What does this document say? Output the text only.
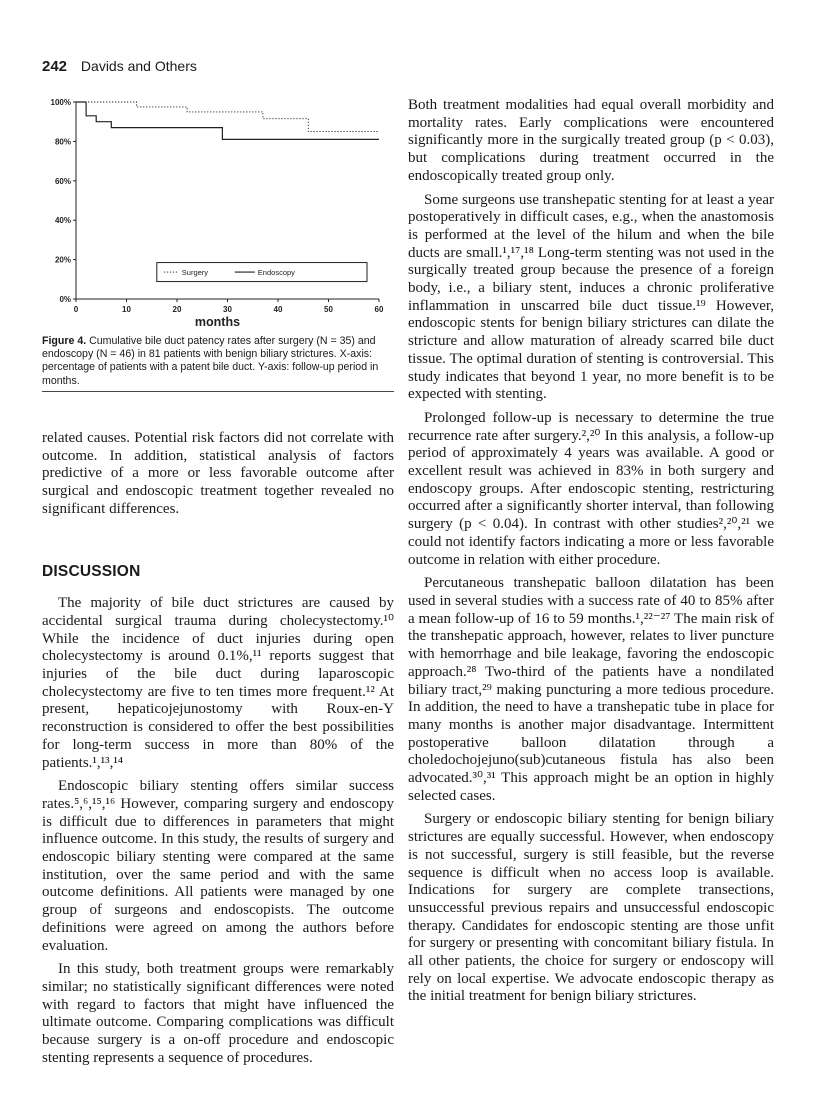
242 Davids and Others
0%
20%
40%
60%
80%
100%
0	10	20	30	40	50	60
months
Surgery	Endoscopy
Figure 4. Cumulative bile duct patency rates after surgery (N = 35) and endoscopy (N = 46) in 81 patients with benign biliary strictures. X-axis: percentage of patients with a patent bile duct. Y-axis: follow-up period in months.

related causes. Potential risk factors did not correlate with outcome. In addition, statistical analysis of factors predictive of a more or less favorable outcome after surgical and endoscopic treatment together revealed no significant differences.

DISCUSSION

The majority of bile duct strictures are caused by accidental surgical trauma during cholecystectomy.¹⁰ While the incidence of duct injuries during open cholecystectomy is around 0.1%,¹¹ reports suggest that injuries of the bile duct during laparoscopic cholecystectomy are five to ten times more frequent.¹² At present, hepaticojejunostomy with Roux-en-Y reconstruction is considered to offer the best possibilities for long-term success in more than 80% of the patients.¹,¹³,¹⁴

Endoscopic biliary stenting offers similar success rates.⁵,⁶,¹⁵,¹⁶ However, comparing surgery and endoscopy is difficult due to differences in parameters that might influence outcome. In this study, the results of surgery and endoscopic biliary stenting were compared at the same institution, over the same period and with the same outcome definitions. All patients were managed by one group of surgeons and endoscopists. The outcome definitions were agreed on among the authors before evaluation.

In this study, both treatment groups were remarkably similar; no statistically significant differences were noted with regard to factors that might have influenced the ultimate outcome. Comparing complications was difficult because surgery is a on-off procedure and endoscopic stenting represents a sequence of procedures.

Both treatment modalities had equal overall morbidity and mortality rates. Early complications were encountered significantly more in the surgically treated group (p < 0.03), but complications during treatment occurred in the endoscopically treated group only.

Some surgeons use transhepatic stenting for at least a year postoperatively in difficult cases, e.g., when the anastomosis is performed at the level of the hilum and when the bile ducts are small.¹,¹⁷,¹⁸ Long-term stenting was not used in the surgically treated group because the presence of a foreign body, i.e., a biliary stent, induces a chronic proliferative inflammation in unscarred bile duct tissue.¹⁹ However, endoscopic stents for benign biliary strictures can dilate the stricture and allow maturation of already scarred bile duct tissue. The optimal duration of stenting is controversial. This study indicates that beyond 1 year, no more benefit is to be expected with stenting.

Prolonged follow-up is necessary to determine the true recurrence rate after surgery.²,²⁰ In this analysis, a follow-up period of approximately 4 years was available. A good or excellent result was achieved in 83% in both surgery and endoscopy groups. After endoscopic stenting, restricturing occurred after a significantly shorter interval, than following surgery (p < 0.04). In contrast with other studies²,²⁰,²¹ we could not identify factors indicating a more or less favorable outcome in relation with either procedure.

Percutaneous transhepatic balloon dilatation has been used in several studies with a success rate of 40 to 85% after a mean follow-up of 16 to 59 months.¹,²²⁻²⁷ The main risk of the transhepatic approach, however, relates to liver puncture with hemorrhage and bile leakage, favoring the endoscopic approach.²⁸ Two-third of the patients have a nondilated biliary tract,²⁹ making puncturing a more tedious procedure. In addition, the need to have a transhepatic tube in place for many months is another major disadvantage. Intermittent postoperative balloon dilatation through a choledochojejuno(sub)cutaneous fistula has also been advocated.³⁰,³¹ This approach might be an option in highly selected cases.

Surgery or endoscopic biliary stenting for benign biliary strictures are equally successful. However, when endoscopy is not successful, surgery is still feasible, but the reverse sequence is difficult when no access loop is available. Indications for surgery are complete transections, unsuccessful previous repairs and unsuccessful endoscopic therapy. Candidates for endoscopic stenting are those unfit for surgery or presenting with concomitant biliary fistula. In all other patients, the choice for surgery or endoscopy will rely on local expertise. We advocate endoscopic therapy as the initial treatment for benign biliary strictures.
